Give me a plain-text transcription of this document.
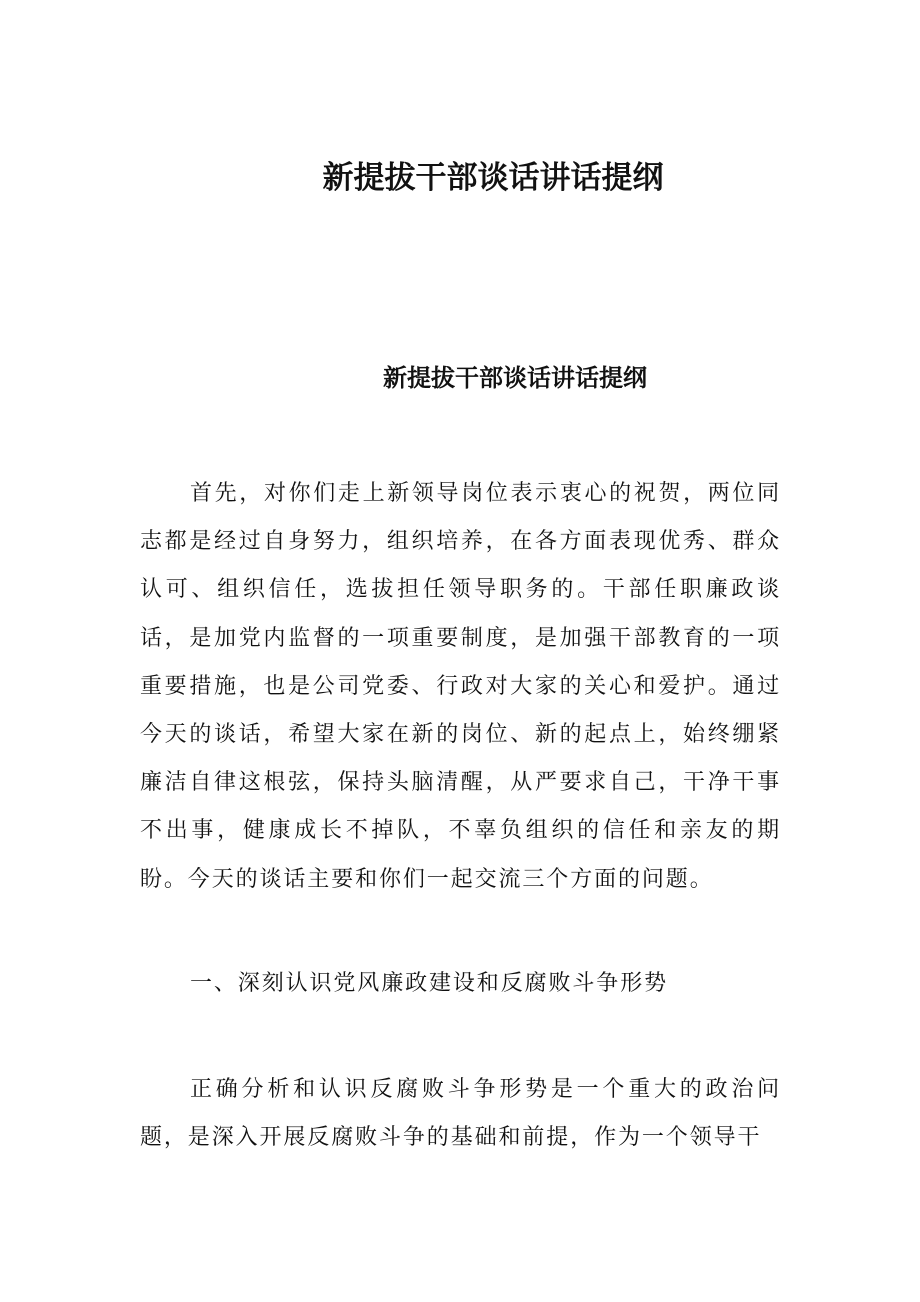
新提拔干部谈话讲话提纲
新提拔干部谈话讲话提纲

首先，对你们走上新领导岗位表示衷心的祝贺，两位同志都是经过自身努力，组织培养，在各方面表现优秀、群众认可、组织信任，选拔担任领导职务的。干部任职廉政谈话，是加党内监督的一项重要制度，是加强干部教育的一项重要措施，也是公司党委、行政对大家的关心和爱护。通过今天的谈话，希望大家在新的岗位、新的起点上，始终绷紧廉洁自律这根弦，保持头脑清醒，从严要求自己，干净干事不出事，健康成长不掉队，不辜负组织的信任和亲友的期盼。今天的谈话主要和你们一起交流三个方面的问题。

一、深刻认识党风廉政建设和反腐败斗争形势

正确分析和认识反腐败斗争形势是一个重大的政治问题，是深入开展反腐败斗争的基础和前提，作为一个领导干
